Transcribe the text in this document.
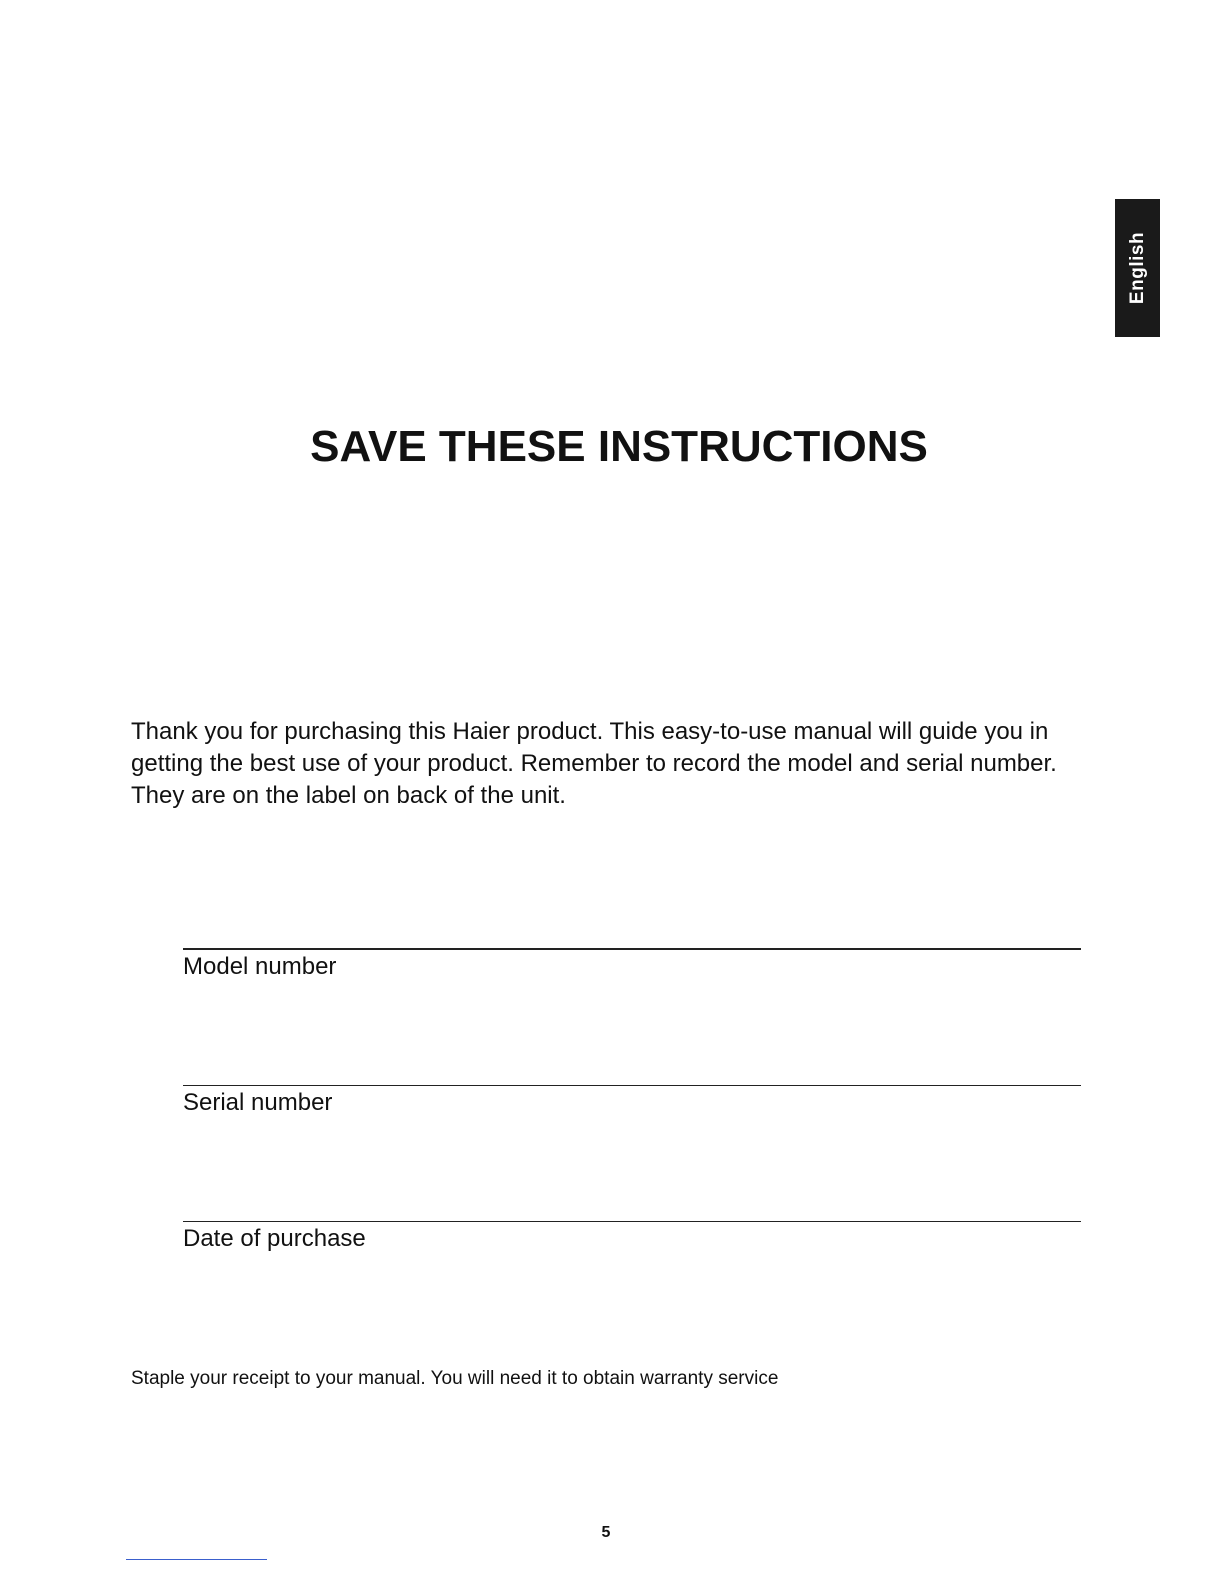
English
SAVE THESE INSTRUCTIONS

Thank you for purchasing this Haier product. This easy-to-use manual will guide you in
getting the best use of your product. Remember to record the model and serial number.
They are on the label on back of the unit.

Model number
Serial number
Date of purchase

Staple your receipt to your manual. You will need it to obtain warranty service

5
